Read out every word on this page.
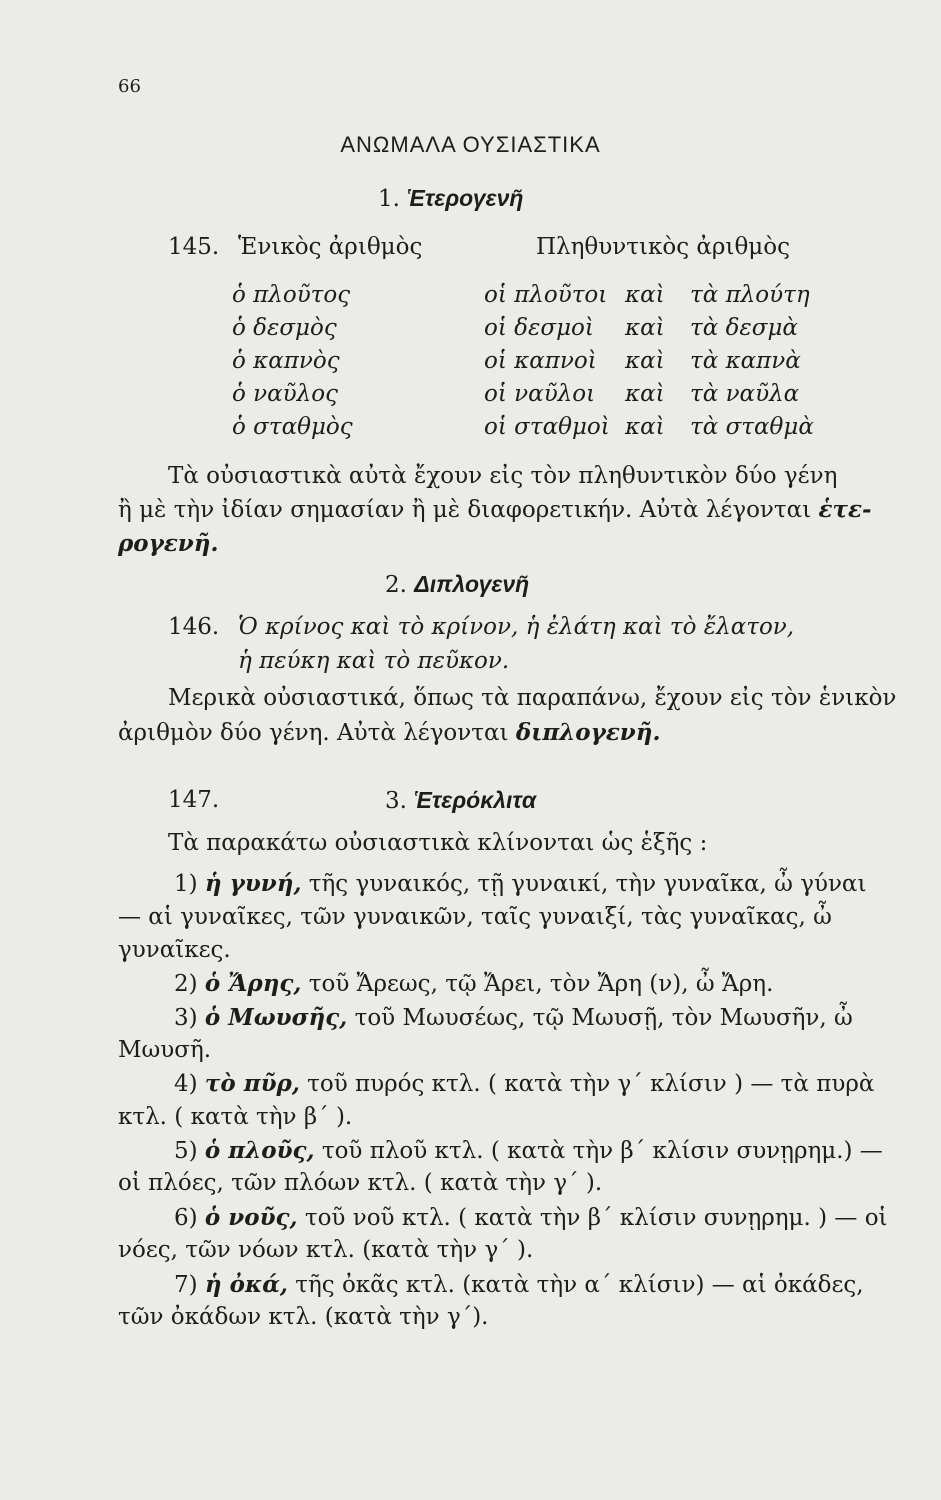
66
ΑΝΩΜΑΛΑ ΟΥΣΙΑΣΤΙΚΑ
1. Ἑτερογενῆ
145. Ἑνικὸς ἀριθμὸς	Πληθυντικὸς ἀριθμὸς
ὁ πλοῦτος	οἱ πλοῦτοι καὶ τὰ πλούτη
ὁ δεσμὸς	οἱ δεσμοὶ καὶ τὰ δεσμὰ
ὁ καπνὸς	οἱ καπνοὶ καὶ τὰ καπνὰ
ὁ ναῦλος	οἱ ναῦλοι καὶ τὰ ναῦλα
ὁ σταθμὸς	οἱ σταθμοὶ καὶ τὰ σταθμὰ
Τὰ οὐσιαστικὰ αὐτὰ ἔχουν εἰς τὸν πληθυντικὸν δύο γένη
ἢ μὲ τὴν ἰδίαν σημασίαν ἢ μὲ διαφορετικήν. Αὐτὰ λέγονται ἑτε-
ρογενῆ.
2. Διπλογενῆ
146. Ὁ κρίνος καὶ τὸ κρίνον, ἡ ἐλάτη καὶ τὸ ἔλατον,
ἡ πεύκη καὶ τὸ πεῦκον.
Μερικὰ οὐσιαστικά, ὅπως τὰ παραπάνω, ἔχουν εἰς τὸν ἑνικὸν
ἀριθμὸν δύο γένη. Αὐτὰ λέγονται διπλογενῆ.
147.	3. Ἑτερόκλιτα
Τὰ παρακάτω οὐσιαστικὰ κλίνονται ὡς ἑξῆς :
1) ἡ γυνή, τῆς γυναικός, τῇ γυναικί, τὴν γυναῖκα, ὦ γύναι
— αἱ γυναῖκες, τῶν γυναικῶν, ταῖς γυναιξί, τὰς γυναῖκας, ὦ
γυναῖκες.
2) ὁ Ἄρης, τοῦ Ἄρεως, τῷ Ἄρει, τὸν Ἄρη (ν), ὦ Ἄρη.
3) ὁ Μωυσῆς, τοῦ Μωυσέως, τῷ Μωυσῇ, τὸν Μωυσῆν, ὦ
Μωυσῆ.
4) τὸ πῦρ, τοῦ πυρός κτλ. ( κατὰ τὴν γ΄ κλίσιν ) — τὰ πυρὰ
κτλ. ( κατὰ τὴν β΄ ).
5) ὁ πλοῦς, τοῦ πλοῦ κτλ. ( κατὰ τὴν β΄ κλίσιν συνῃρημ.) —
οἱ πλόες, τῶν πλόων κτλ. ( κατὰ τὴν γ΄ ).
6) ὁ νοῦς, τοῦ νοῦ κτλ. ( κατὰ τὴν β΄ κλίσιν συνῃρημ. ) — οἱ
νόες, τῶν νόων κτλ. (κατὰ τὴν γ΄ ).
7) ἡ ὀκά, τῆς ὀκᾶς κτλ. (κατὰ τὴν α΄ κλίσιν) — αἱ ὀκάδες,
τῶν ὀκάδων κτλ. (κατὰ τὴν γ΄).
